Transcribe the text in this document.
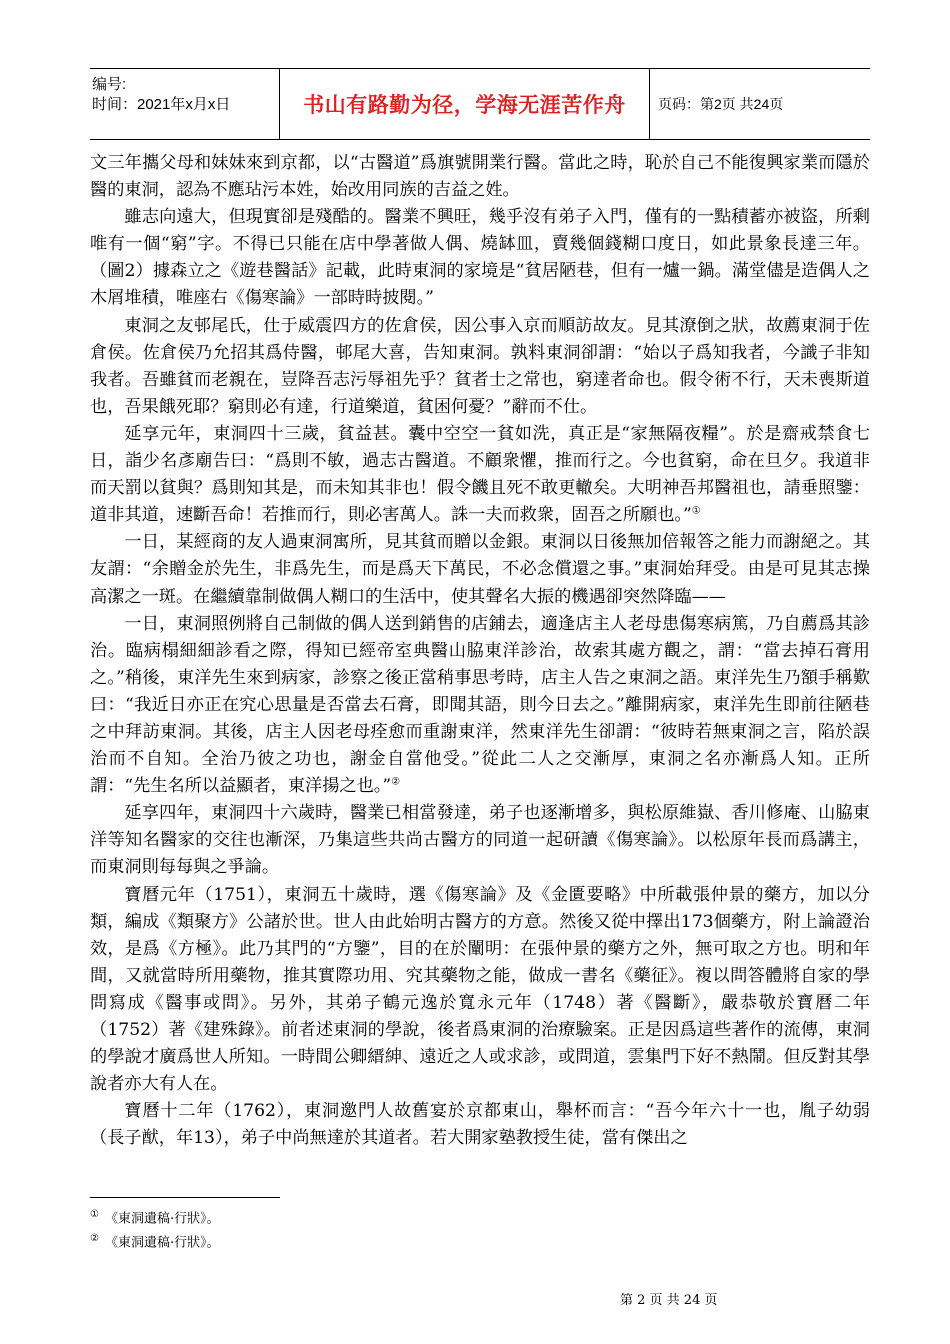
编号:
时间：2021年x月x日	书山有路勤为径，学海无涯苦作舟	页码：第2页 共24页

文三年攜父母和妹妹來到京都，以“古醫道”爲旗號開業行醫。當此之時，恥於自己不能復興家業而隱於醫的東洞，認為不應玷污本姓，始改用同族的吉益之姓。

雖志向遠大，但現實卻是殘酷的。醫業不興旺，幾乎沒有弟子入門，僅有的一點積蓄亦被盜，所剩唯有一個“窮”字。不得已只能在店中學著做人偶、燒缽皿，賣幾個錢糊口度日，如此景象長達三年。（圖2）據森立之《遊巷醫話》記載，此時東洞的家境是“貧居陋巷，但有一爐一鍋。滿堂儘是造偶人之木屑堆積，唯座右《傷寒論》一部時時披閱。”

東洞之友邨尾氏，仕于威震四方的佐倉侯，因公事入京而順訪故友。見其潦倒之狀，故薦東洞于佐倉侯。佐倉侯乃允招其爲侍醫，邨尾大喜，告知東洞。孰料東洞卻謂：“始以子爲知我者，今識子非知我者。吾雖貧而老親在，豈降吾志污辱祖先乎？貧者士之常也，窮達者命也。假令術不行，天未喪斯道也，吾果餓死耶？窮則必有達，行道樂道，貧困何憂？”辭而不仕。

延享元年，東洞四十三歲，貧益甚。囊中空空一貧如洗，真正是“家無隔夜糧”。於是齋戒禁食七日，詣少名彥廟告曰：“爲則不敏，過志古醫道。不顧衆懼，推而行之。今也貧窮，命在旦夕。我道非而天罰以貧與？爲則知其是，而未知其非也！假令饑且死不敢更轍矣。大明神吾邦醫祖也，請垂照鑒：道非其道，速斷吾命！若推而行，則必害萬人。誅一夫而救衆，固吾之所願也。”①

一日，某經商的友人過東洞寓所，見其貧而贈以金銀。東洞以日後無加倍報答之能力而謝絕之。其友謂：“余贈金於先生，非爲先生，而是爲天下萬民，不必念償還之事。”東洞始拜受。由是可見其志操高潔之一斑。在繼續靠制做偶人糊口的生活中，使其聲名大振的機遇卻突然降臨——

一日，東洞照例將自己制做的偶人送到銷售的店鋪去，適逢店主人老母患傷寒病篤，乃自薦爲其診治。臨病榻細細診看之際，得知已經帝室典醫山脇東洋診治，故索其處方觀之，謂：“當去掉石膏用之。”稍後，東洋先生來到病家，診察之後正當稍事思考時，店主人告之東洞之語。東洋先生乃額手稱歎曰：“我近日亦正在究心思量是否當去石膏，即聞其語，則今日去之。”離開病家，東洋先生即前往陋巷之中拜訪東洞。其後，店主人因老母痊愈而重謝東洋，然東洋先生卻謂：“彼時若無東洞之言，陷於誤治而不自知。全治乃彼之功也，謝金自當他受。”從此二人之交漸厚，東洞之名亦漸爲人知。正所謂：“先生名所以益顯者，東洋揚之也。”②

延享四年，東洞四十六歲時，醫業已相當發達，弟子也逐漸增多，與松原維嶽、香川修庵、山脇東洋等知名醫家的交往也漸深，乃集這些共尚古醫方的同道一起研讀《傷寒論》。以松原年長而爲講主，而東洞則每每與之爭論。

寶曆元年（1751），東洞五十歲時，選《傷寒論》及《金匱要略》中所載張仲景的藥方，加以分類，編成《類聚方》公諸於世。世人由此始明古醫方的方意。然後又從中擇出173個藥方，附上論證治效，是爲《方極》。此乃其門的“方鑒”，目的在於闡明：在張仲景的藥方之外，無可取之方也。明和年間，又就當時所用藥物，推其實際功用、究其藥物之能，做成一書名《藥征》。複以問答體將自家的學問寫成《醫事或問》。另外，其弟子鶴元逸於寬永元年（1748）著《醫斷》，嚴恭敬於寶曆二年（1752）著《建殊錄》。前者述東洞的學說，後者爲東洞的治療驗案。正是因爲這些著作的流傳，東洞的學說才廣爲世人所知。一時間公卿縉紳、遠近之人或求診，或問道，雲集門下好不熱鬧。但反對其學說者亦大有人在。

寶曆十二年（1762），東洞邀門人故舊宴於京都東山，舉杯而言：“吾今年六十一也，胤子幼弱（長子猷，年13），弟子中尚無達於其道者。若大開家塾教授生徒，當有傑出之

① 《東洞遺稿·行狀》。
② 《東洞遺稿·行狀》。
第 2 页 共 24 页
